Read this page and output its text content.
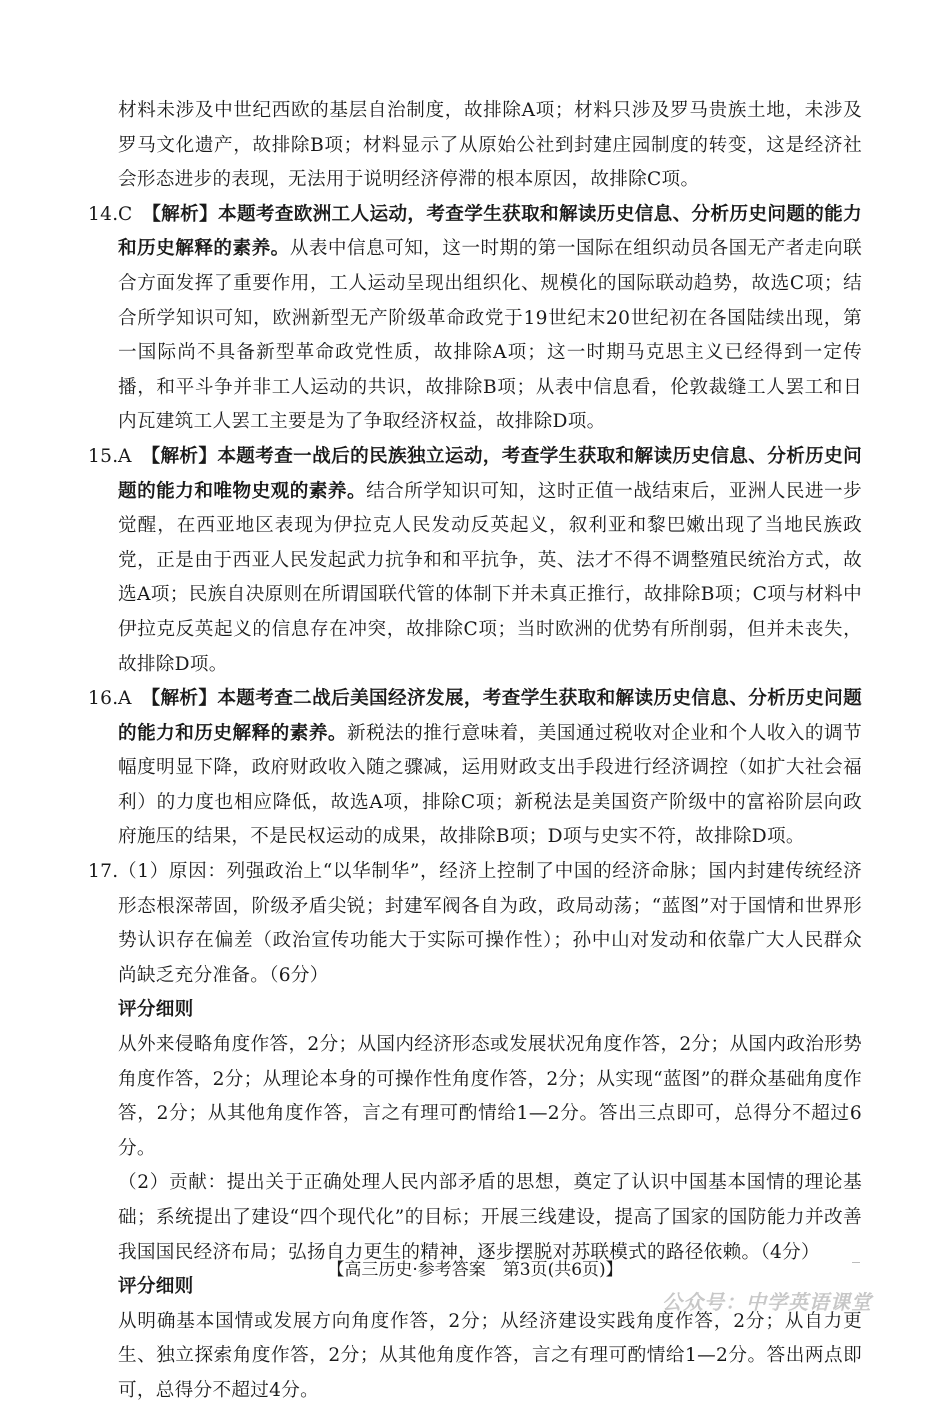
材料未涉及中世纪西欧的基层自治制度，故排除A项；材料只涉及罗马贵族土地，未涉及罗马文化遗产，故排除B项；材料显示了从原始公社到封建庄园制度的转变，这是经济社会形态进步的表现，无法用于说明经济停滞的根本原因，故排除C项。

14. C　 【解析】本题考查欧洲工人运动，考查学生获取和解读历史信息、分析历史问题的能力和历史解释的素养。从表中信息可知，这一时期的第一国际在组织动员各国无产者走向联合方面发挥了重要作用，工人运动呈现出组织化、规模化的国际联动趋势，故选C项；结合所学知识可知，欧洲新型无产阶级革命政党于19世纪末20世纪初在各国陆续出现，第一国际尚不具备新型革命政党性质，故排除A项；这一时期马克思主义已经得到一定传播，和平斗争并非工人运动的共识，故排除B项；从表中信息看，伦敦裁缝工人罢工和日内瓦建筑工人罢工主要是为了争取经济权益，故排除D项。
15. A　 【解析】本题考查一战后的民族独立运动，考查学生获取和解读历史信息、分析历史问题的能力和唯物史观的素养。结合所学知识可知，这时正值一战结束后，亚洲人民进一步觉醒，在西亚地区表现为伊拉克人民发动反英起义，叙利亚和黎巴嫩出现了当地民族政党，正是由于西亚人民发起武力抗争和和平抗争，英、法才不得不调整殖民统治方式，故选A项；民族自决原则在所谓国联代管的体制下并未真正推行，故排除B项；C项与材料中伊拉克反英起义的信息存在冲突，故排除C项；当时欧洲的优势有所削弱，但并未丧失，故排除D项。
16. A　 【解析】本题考查二战后美国经济发展，考查学生获取和解读历史信息、分析历史问题的能力和历史解释的素养。新税法的推行意味着，美国通过税收对企业和个人收入的调节幅度明显下降，政府财政收入随之骤减，运用财政支出手段进行经济调控（如扩大社会福利）的力度也相应降低，故选A项，排除C项；新税法是美国资产阶级中的富裕阶层向政府施压的结果，不是民权运动的成果，故排除B项；D项与史实不符，故排除D项。
17. （1）原因：列强政治上“以华制华”，经济上控制了中国的经济命脉；国内封建传统经济形态根深蒂固，阶级矛盾尖锐；封建军阀各自为政，政局动荡；“蓝图”对于国情和世界形势认识存在偏差（政治宣传功能大于实际可操作性）；孙中山对发动和依靠广大人民群众尚缺乏充分准备。（6分）

评分细则

从外来侵略角度作答，2分；从国内经济形态或发展状况角度作答，2分；从国内政治形势角度作答，2分；从理论本身的可操作性角度作答，2分；从实现“蓝图”的群众基础角度作答，2分；从其他角度作答，言之有理可酌情给1—2分。答出三点即可，总得分不超过6分。

（2）贡献：提出关于正确处理人民内部矛盾的思想，奠定了认识中国基本国情的理论基础；系统提出了建设“四个现代化”的目标；开展三线建设，提高了国家的国防能力并改善我国国民经济布局；弘扬自力更生的精神，逐步摆脱对苏联模式的路径依赖。（4分）

评分细则

从明确基本国情或发展方向角度作答，2分；从经济建设实践角度作答，2分；从自力更生、独立探索角度作答，2分；从其他角度作答，言之有理可酌情给1—2分。答出两点即可，总得分不超过4分。

【高三历史·参考答案　第3页(共6页)】
公众号：中学英语课堂
